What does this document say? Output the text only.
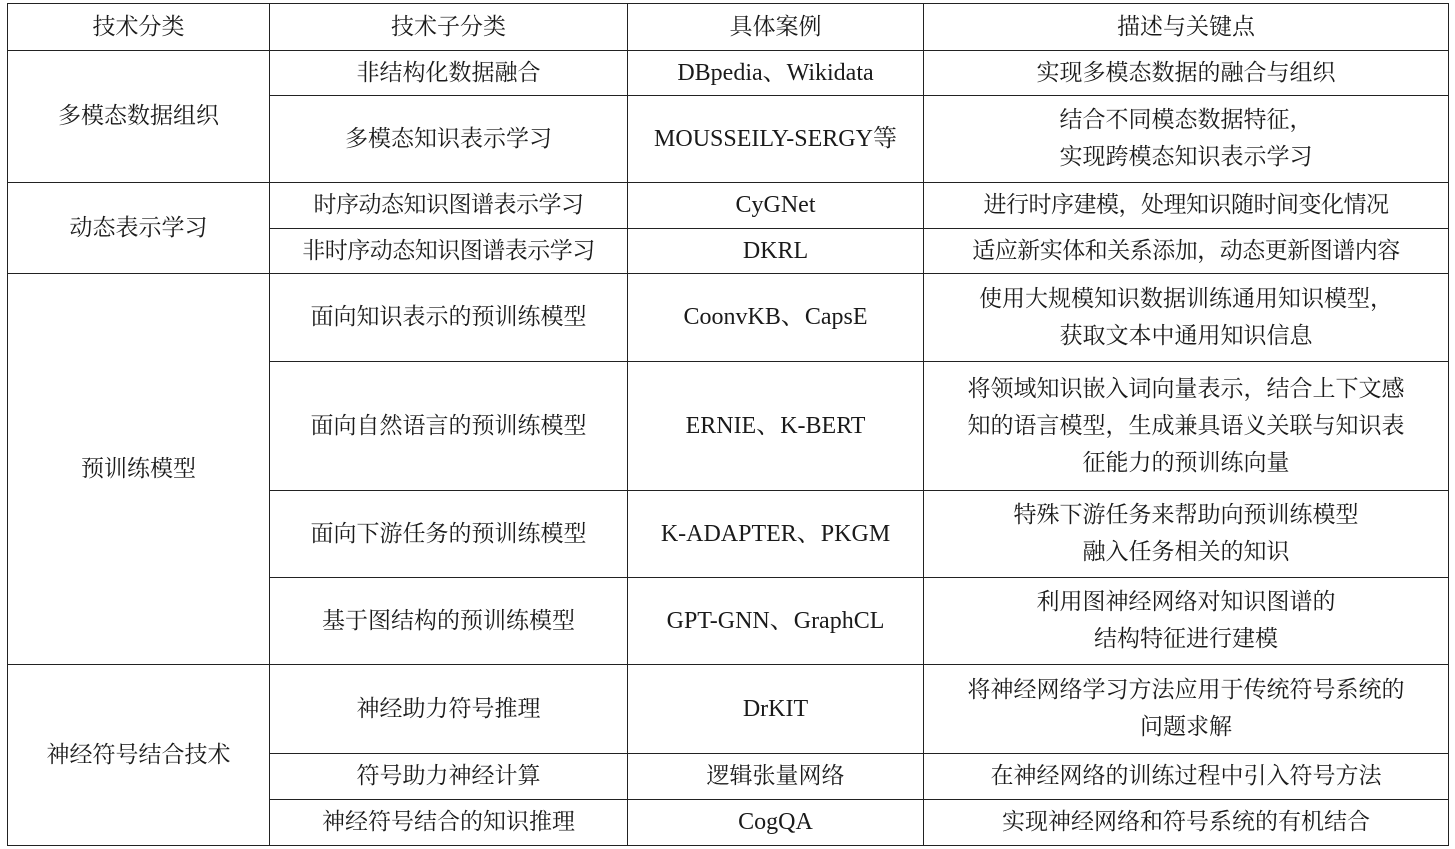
技术分类	技术子分类	具体案例	描述与关键点
多模态数据组织	非结构化数据融合	DBpedia、Wikidata	实现多模态数据的融合与组织

	多模态知识表示学习	MOUSSEILY-SERGY等	结合不同模态数据特征，
实现跨模态知识表示学习

动态表示学习	时序动态知识图谱表示学习	CyGNet	进行时序建模，处理知识随时间变化情况

	非时序动态知识图谱表示学习	DKRL	适应新实体和关系添加，动态更新图谱内容

预训练模型	面向知识表示的预训练模型	CoonvKB、CapsE	使用大规模知识数据训练通用知识模型，
获取文本中通用知识信息

	面向自然语言的预训练模型	ERNIE、K-BERT	将领域知识嵌入词向量表示，结合上下文感
知的语言模型，生成兼具语义关联与知识表
征能力的预训练向量

	面向下游任务的预训练模型	K-ADAPTER、PKGM	特殊下游任务来帮助向预训练模型
融入任务相关的知识

	基于图结构的预训练模型	GPT-GNN、GraphCL	利用图神经网络对知识图谱的
结构特征进行建模

神经符号结合技术	神经助力符号推理	DrKIT	将神经网络学习方法应用于传统符号系统的
问题求解

	符号助力神经计算	逻辑张量网络	在神经网络的训练过程中引入符号方法

	神经符号结合的知识推理	CogQA	实现神经网络和符号系统的有机结合
